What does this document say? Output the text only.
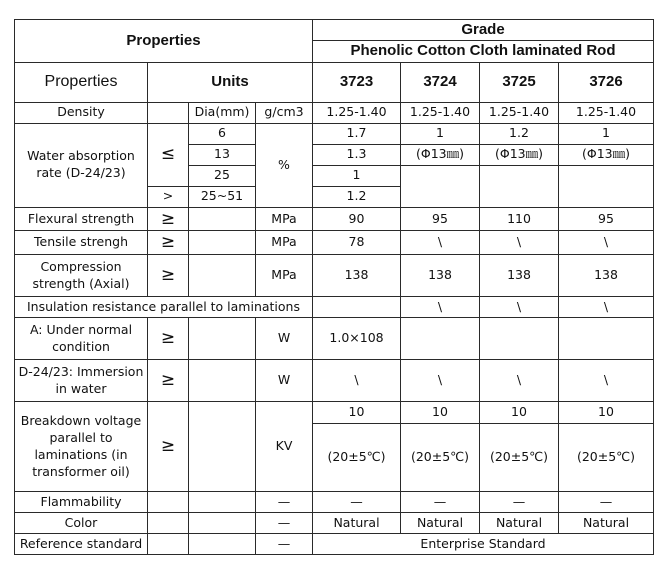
Properties				Grade			
				Phenolic Cotton Cloth laminated Rod			
Properties	Units			3723	3724	3725	3726
Density		Dia(mm)	g/cm3	1.25-1.40	1.25-1.40	1.25-1.40	1.25-1.40
Water absorption rate (D-24/23)	≤	6	%	1.7	1	1.2	1
		13		1.3	(Φ13㎜)	(Φ13㎜)	(Φ13㎜)
		25		1			
	>	25~51		1.2			
Flexural strength	≥		MPa	90	95	110	95
Tensile strengh	≥		MPa	78	\	\	\
Compression strength (Axial)	≥		MPa	138	138	138	138
Insulation resistance parallel to laminations					\	\	\
A: Under normal condition	≥		W	1.0×108			
D-24/23: Immersion in water	≥		W	\	\	\	\
Breakdown voltage parallel to laminations (in transformer oil)	≥		KV	10	10	10	10
				(20±5℃)	(20±5℃)	(20±5℃)	(20±5℃)
Flammability			—	—	—	—	—
Color			—	Natural	Natural	Natural	Natural
Reference standard			—	Enterprise Standard			
